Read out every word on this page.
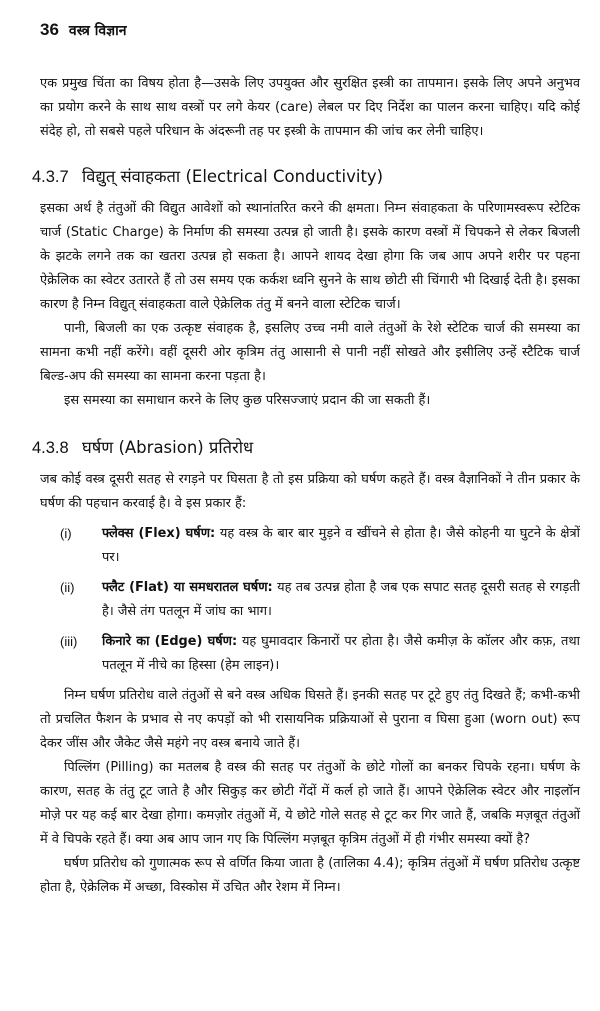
36 वस्त्र विज्ञान

एक प्रमुख चिंता का विषय होता है—उसके लिए उपयुक्त और सुरक्षित इस्त्री का तापमान। इसके लिए अपने अनुभव का प्रयोग करने के साथ साथ वस्त्रों पर लगे केयर (care) लेबल पर दिए निर्देश का पालन करना चाहिए। यदि कोई संदेह हो, तो सबसे पहले परिधान के अंदरूनी तह पर इस्त्री के तापमान की जांच कर लेनी चाहिए।

4.3.7 विद्युत् संवाहकता (Electrical Conductivity)

इसका अर्थ है तंतुओं की विद्युत आवेशों को स्थानांतरित करने की क्षमता। निम्न संवाहकता के परिणामस्वरूप स्टेटिक चार्ज (Static Charge) के निर्माण की समस्या उत्पन्न हो जाती है। इसके कारण वस्त्रों में चिपकने से लेकर बिजली के झटके लगने तक का खतरा उत्पन्न हो सकता है। आपने शायद देखा होगा कि जब आप अपने शरीर पर पहना ऐक्रेलिक का स्वेटर उतारते हैं तो उस समय एक कर्कश ध्वनि सुनने के साथ छोटी सी चिंगारी भी दिखाई देती है। इसका कारण है निम्न विद्युत् संवाहकता वाले ऐक्रेलिक तंतु में बनने वाला स्टेटिक चार्ज।

पानी, बिजली का एक उत्कृष्ट संवाहक है, इसलिए उच्च नमी वाले तंतुओं के रेशे स्टेटिक चार्ज की समस्या का सामना कभी नहीं करेंगे। वहीं दूसरी ओर कृत्रिम तंतु आसानी से पानी नहीं सोखते और इसीलिए उन्हें स्टैटिक चार्ज बिल्ड-अप की समस्या का सामना करना पड़ता है।

इस समस्या का समाधान करने के लिए कुछ परिसज्जाएं प्रदान की जा सकती हैं।

4.3.8 घर्षण (Abrasion) प्रतिरोध

जब कोई वस्त्र दूसरी सतह से रगड़ने पर घिसता है तो इस प्रक्रिया को घर्षण कहते हैं। वस्त्र वैज्ञानिकों ने तीन प्रकार के घर्षण की पहचान करवाई है। वे इस प्रकार हैं:

(i)	फ्लेक्स (Flex) घर्षण: यह वस्त्र के बार बार मुड़ने व खींचने से होता है। जैसे कोहनी या घुटने के क्षेत्रों पर।
(ii)	फ्लैट (Flat) या समधरातल घर्षण: यह तब उत्पन्न होता है जब एक सपाट सतह दूसरी सतह से रगड़ती है। जैसे तंग पतलून में जांघ का भाग।
(iii)	किनारे का (Edge) घर्षण: यह घुमावदार किनारों पर होता है। जैसे कमीज़ के कॉलर और कफ़, तथा पतलून में नीचे का हिस्सा (हेम लाइन)।

निम्न घर्षण प्रतिरोध वाले तंतुओं से बने वस्त्र अधिक घिसते हैं। इनकी सतह पर टूटे हुए तंतु दिखते हैं; कभी-कभी तो प्रचलित फैशन के प्रभाव से नए कपड़ों को भी रासायनिक प्रक्रियाओं से पुराना व घिसा हुआ (worn out) रूप देकर जींस और जैकेट जैसे महंगे नए वस्त्र बनाये जाते हैं।

पिल्लिंग (Pilling) का मतलब है वस्त्र की सतह पर तंतुओं के छोटे गोलों का बनकर चिपके रहना। घर्षण के कारण, सतह के तंतु टूट जाते है और सिकुड़ कर छोटी गेंदों में कर्ल हो जाते हैं। आपने ऐक्रेलिक स्वेटर और नाइलॉन मोज़े पर यह कई बार देखा होगा। कमज़ोर तंतुओं में, ये छोटे गोले सतह से टूट कर गिर जाते हैं, जबकि मज़बूत तंतुओं में वे चिपके रहते हैं। क्या अब आप जान गए कि पिल्लिंग मज़बूत कृत्रिम तंतुओं में ही गंभीर समस्या क्यों है?

घर्षण प्रतिरोध को गुणात्मक रूप से वर्णित किया जाता है (तालिका 4.4); कृत्रिम तंतुओं में घर्षण प्रतिरोध उत्कृष्ट होता है, ऐक्रेलिक में अच्छा, विस्कोस में उचित और रेशम में निम्न।
